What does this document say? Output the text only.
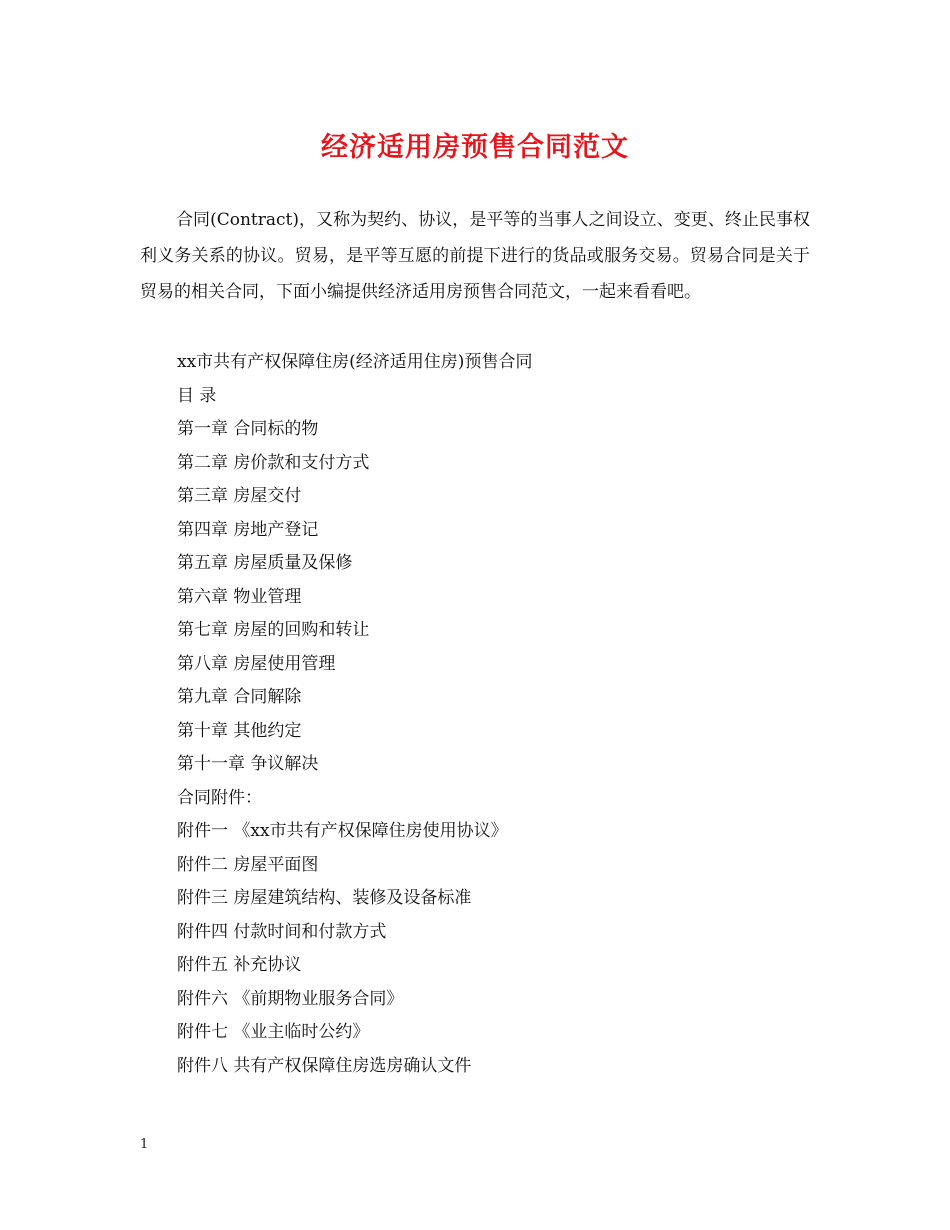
经济适用房预售合同范文

合同(Contract)，又称为契约、协议，是平等的当事人之间设立、变更、终止民事权利义务关系的协议。贸易，是平等互愿的前提下进行的货品或服务交易。贸易合同是关于贸易的相关合同，下面小编提供经济适用房预售合同范文，一起来看看吧。

xx市共有产权保障住房(经济适用住房)预售合同
目 录
第一章 合同标的物
第二章 房价款和支付方式
第三章 房屋交付
第四章 房地产登记
第五章 房屋质量及保修
第六章 物业管理
第七章 房屋的回购和转让
第八章 房屋使用管理
第九章 合同解除
第十章 其他约定
第十一章 争议解决
合同附件：
附件一 《xx市共有产权保障住房使用协议》
附件二 房屋平面图
附件三 房屋建筑结构、装修及设备标准
附件四 付款时间和付款方式
附件五 补充协议
附件六 《前期物业服务合同》
附件七 《业主临时公约》
附件八 共有产权保障住房选房确认文件
1
